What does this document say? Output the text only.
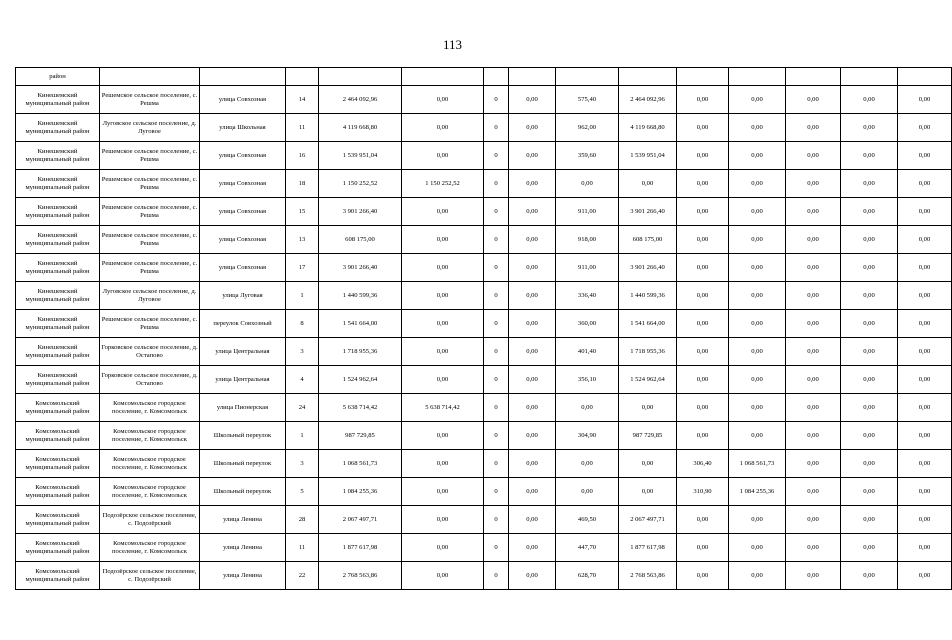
113
район														
Кинешемский муниципальный район	Решемское сельское поселение, с. Решма	улица Совхозная	14	2 464 092,96	0,00	0	0,00	575,40	2 464 092,96	0,00	0,00	0,00	0,00	0,00
Кинешемский муниципальный район	Луговское сельское поселение, д. Луговое	улица Школьная	11	4 119 668,80	0,00	0	0,00	962,00	4 119 668,80	0,00	0,00	0,00	0,00	0,00
Кинешемский муниципальный район	Решемское сельское поселение, с. Решма	улица Совхозная	16	1 539 951,04	0,00	0	0,00	359,60	1 539 951,04	0,00	0,00	0,00	0,00	0,00
Кинешемский муниципальный район	Решемское сельское поселение, с. Решма	улица Совхозная	18	1 150 252,52	1 150 252,52	0	0,00	0,00	0,00	0,00	0,00	0,00	0,00	0,00
Кинешемский муниципальный район	Решемское сельское поселение, с. Решма	улица Совхозная	15	3 901 266,40	0,00	0	0,00	911,00	3 901 266,40	0,00	0,00	0,00	0,00	0,00
Кинешемский муниципальный район	Решемское сельское поселение, с. Решма	улица Совхозная	13	608 175,00	0,00	0	0,00	918,00	608 175,00	0,00	0,00	0,00	0,00	0,00
Кинешемский муниципальный район	Решемское сельское поселение, с. Решма	улица Совхозная	17	3 901 266,40	0,00	0	0,00	911,00	3 901 266,40	0,00	0,00	0,00	0,00	0,00
Кинешемский муниципальный район	Луговское сельское поселение, д. Луговое	улица Луговая	1	1 440 599,36	0,00	0	0,00	336,40	1 440 599,36	0,00	0,00	0,00	0,00	0,00
Кинешемский муниципальный район	Решемское сельское поселение, с. Решма	переулок Совхозный	8	1 541 664,00	0,00	0	0,00	360,00	1 541 664,00	0,00	0,00	0,00	0,00	0,00
Кинешемский муниципальный район	Горковское сельское поселение, д. Остапово	улица Центральная	3	1 718 955,36	0,00	0	0,00	401,40	1 718 955,36	0,00	0,00	0,00	0,00	0,00
Кинешемский муниципальный район	Горковское сельское поселение, д. Остапово	улица Центральная	4	1 524 962,64	0,00	0	0,00	356,10	1 524 962,64	0,00	0,00	0,00	0,00	0,00
Комсомольский муниципальный район	Комсомольское городское поселение, г. Комсомольск	улица Пионерская	24	5 638 714,42	5 638 714,42	0	0,00	0,00	0,00	0,00	0,00	0,00	0,00	0,00
Комсомольский муниципальный район	Комсомольское городское поселение, г. Комсомольск	Школьный переулок	1	987 729,85	0,00	0	0,00	304,90	987 729,85	0,00	0,00	0,00	0,00	0,00
Комсомольский муниципальный район	Комсомольское городское поселение, г. Комсомольск	Школьный переулок	3	1 068 561,73	0,00	0	0,00	0,00	0,00	306,40	1 068 561,73	0,00	0,00	0,00
Комсомольский муниципальный район	Комсомольское городское поселение, г. Комсомольск	Школьный переулок	5	1 084 255,36	0,00	0	0,00	0,00	0,00	310,90	1 084 255,36	0,00	0,00	0,00
Комсомольский муниципальный район	Подозёрское сельское поселение, с. Подозёрский	улица Ленина	28	2 067 497,71	0,00	0	0,00	469,50	2 067 497,71	0,00	0,00	0,00	0,00	0,00
Комсомольский муниципальный район	Комсомольское городское поселение, г. Комсомольск	улица Ленина	11	1 877 617,98	0,00	0	0,00	447,70	1 877 617,98	0,00	0,00	0,00	0,00	0,00
Комсомольский муниципальный район	Подозёрское сельское поселение, с. Подозёрский	улица Ленина	22	2 768 563,86	0,00	0	0,00	628,70	2 768 563,86	0,00	0,00	0,00	0,00	0,00
